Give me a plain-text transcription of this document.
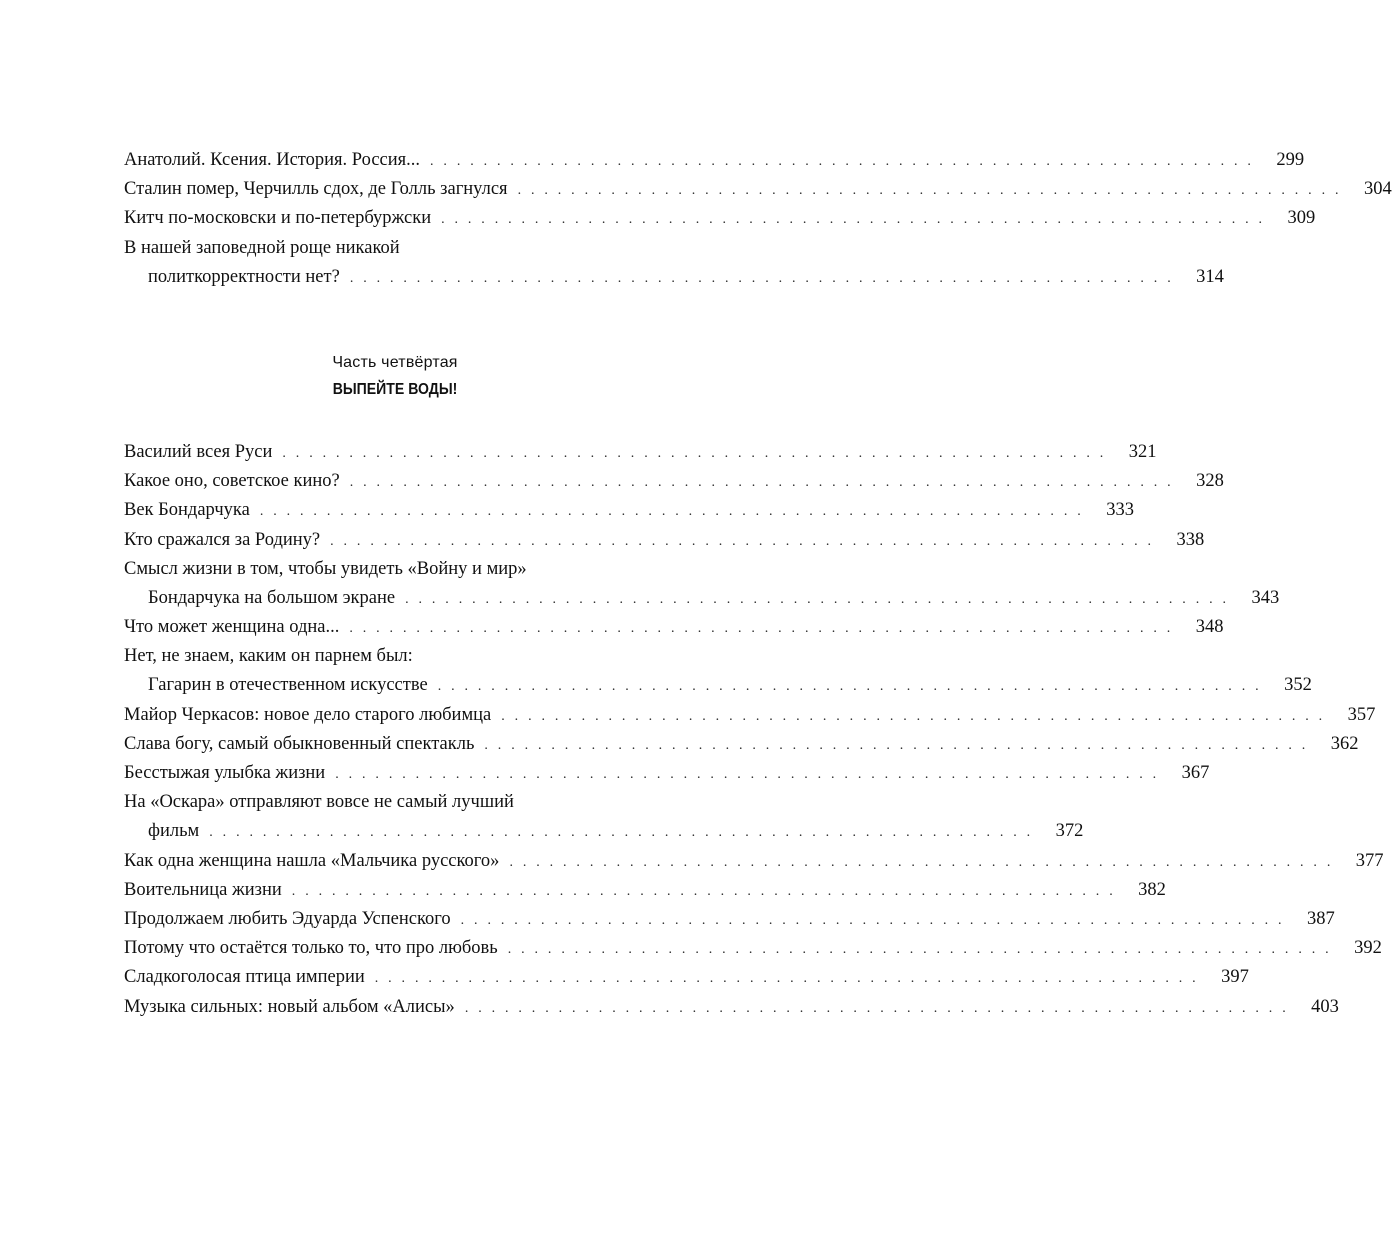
Анатолий. Ксения. История. Россия... . . . . . . . . . . . . . . . . . . . . . . . . . . . . . . . . . . . . . . . . . . . . . . . . . . . . . . . . . . . . . .	299
Сталин помер, Черчилль сдох, де Голль загнулся . . . . . . . . . . . . . . . . . . . . . . . . . . . . . . . . . . . . . . . . . . . . . . . . . . . . . . . . . . . . . .	304
Китч по-московски и по-петербуржски . . . . . . . . . . . . . . . . . . . . . . . . . . . . . . . . . . . . . . . . . . . . . . . . . . . . . . . . . . . . . .	309
В нашей заповедной роще никакой
политкорректности нет? . . . . . . . . . . . . . . . . . . . . . . . . . . . . . . . . . . . . . . . . . . . . . . . . . . . . . . . . . . . . . .	314
Часть четвёртая
ВЫПЕЙТЕ ВОДЫ!
Василий всея Руси . . . . . . . . . . . . . . . . . . . . . . . . . . . . . . . . . . . . . . . . . . . . . . . . . . . . . . . . . . . . . .	321
Какое оно, советское кино? . . . . . . . . . . . . . . . . . . . . . . . . . . . . . . . . . . . . . . . . . . . . . . . . . . . . . . . . . . . . . .	328
Век Бондарчука . . . . . . . . . . . . . . . . . . . . . . . . . . . . . . . . . . . . . . . . . . . . . . . . . . . . . . . . . . . . . .	333
Кто сражался за Родину? . . . . . . . . . . . . . . . . . . . . . . . . . . . . . . . . . . . . . . . . . . . . . . . . . . . . . . . . . . . . . .	338
Смысл жизни в том, чтобы увидеть «Войну и мир»
Бондарчука на большом экране . . . . . . . . . . . . . . . . . . . . . . . . . . . . . . . . . . . . . . . . . . . . . . . . . . . . . . . . . . . . . .	343
Что может женщина одна... . . . . . . . . . . . . . . . . . . . . . . . . . . . . . . . . . . . . . . . . . . . . . . . . . . . . . . . . . . . . . .	348
Нет, не знаем, каким он парнем был:
Гагарин в отечественном искусстве . . . . . . . . . . . . . . . . . . . . . . . . . . . . . . . . . . . . . . . . . . . . . . . . . . . . . . . . . . . . . .	352
Майор Черкасов: новое дело старого любимца . . . . . . . . . . . . . . . . . . . . . . . . . . . . . . . . . . . . . . . . . . . . . . . . . . . . . . . . . . . . . .	357
Слава богу, самый обыкновенный спектакль . . . . . . . . . . . . . . . . . . . . . . . . . . . . . . . . . . . . . . . . . . . . . . . . . . . . . . . . . . . . . .	362
Бесстыжая улыбка жизни . . . . . . . . . . . . . . . . . . . . . . . . . . . . . . . . . . . . . . . . . . . . . . . . . . . . . . . . . . . . . .	367
На «Оскара» отправляют вовсе не самый лучший
фильм . . . . . . . . . . . . . . . . . . . . . . . . . . . . . . . . . . . . . . . . . . . . . . . . . . . . . . . . . . . . . .	372
Как одна женщина нашла «Мальчика русского» . . . . . . . . . . . . . . . . . . . . . . . . . . . . . . . . . . . . . . . . . . . . . . . . . . . . . . . . . . . . . .	377
Воительница жизни . . . . . . . . . . . . . . . . . . . . . . . . . . . . . . . . . . . . . . . . . . . . . . . . . . . . . . . . . . . . . .	382
Продолжаем любить Эдуарда Успенского . . . . . . . . . . . . . . . . . . . . . . . . . . . . . . . . . . . . . . . . . . . . . . . . . . . . . . . . . . . . . .	387
Потому что остаётся только то, что про любовь . . . . . . . . . . . . . . . . . . . . . . . . . . . . . . . . . . . . . . . . . . . . . . . . . . . . . . . . . . . . . .	392
Сладкоголосая птица империи . . . . . . . . . . . . . . . . . . . . . . . . . . . . . . . . . . . . . . . . . . . . . . . . . . . . . . . . . . . . . .	397
Музыка сильных: новый альбом «Алисы» . . . . . . . . . . . . . . . . . . . . . . . . . . . . . . . . . . . . . . . . . . . . . . . . . . . . . . . . . . . . . .	403
